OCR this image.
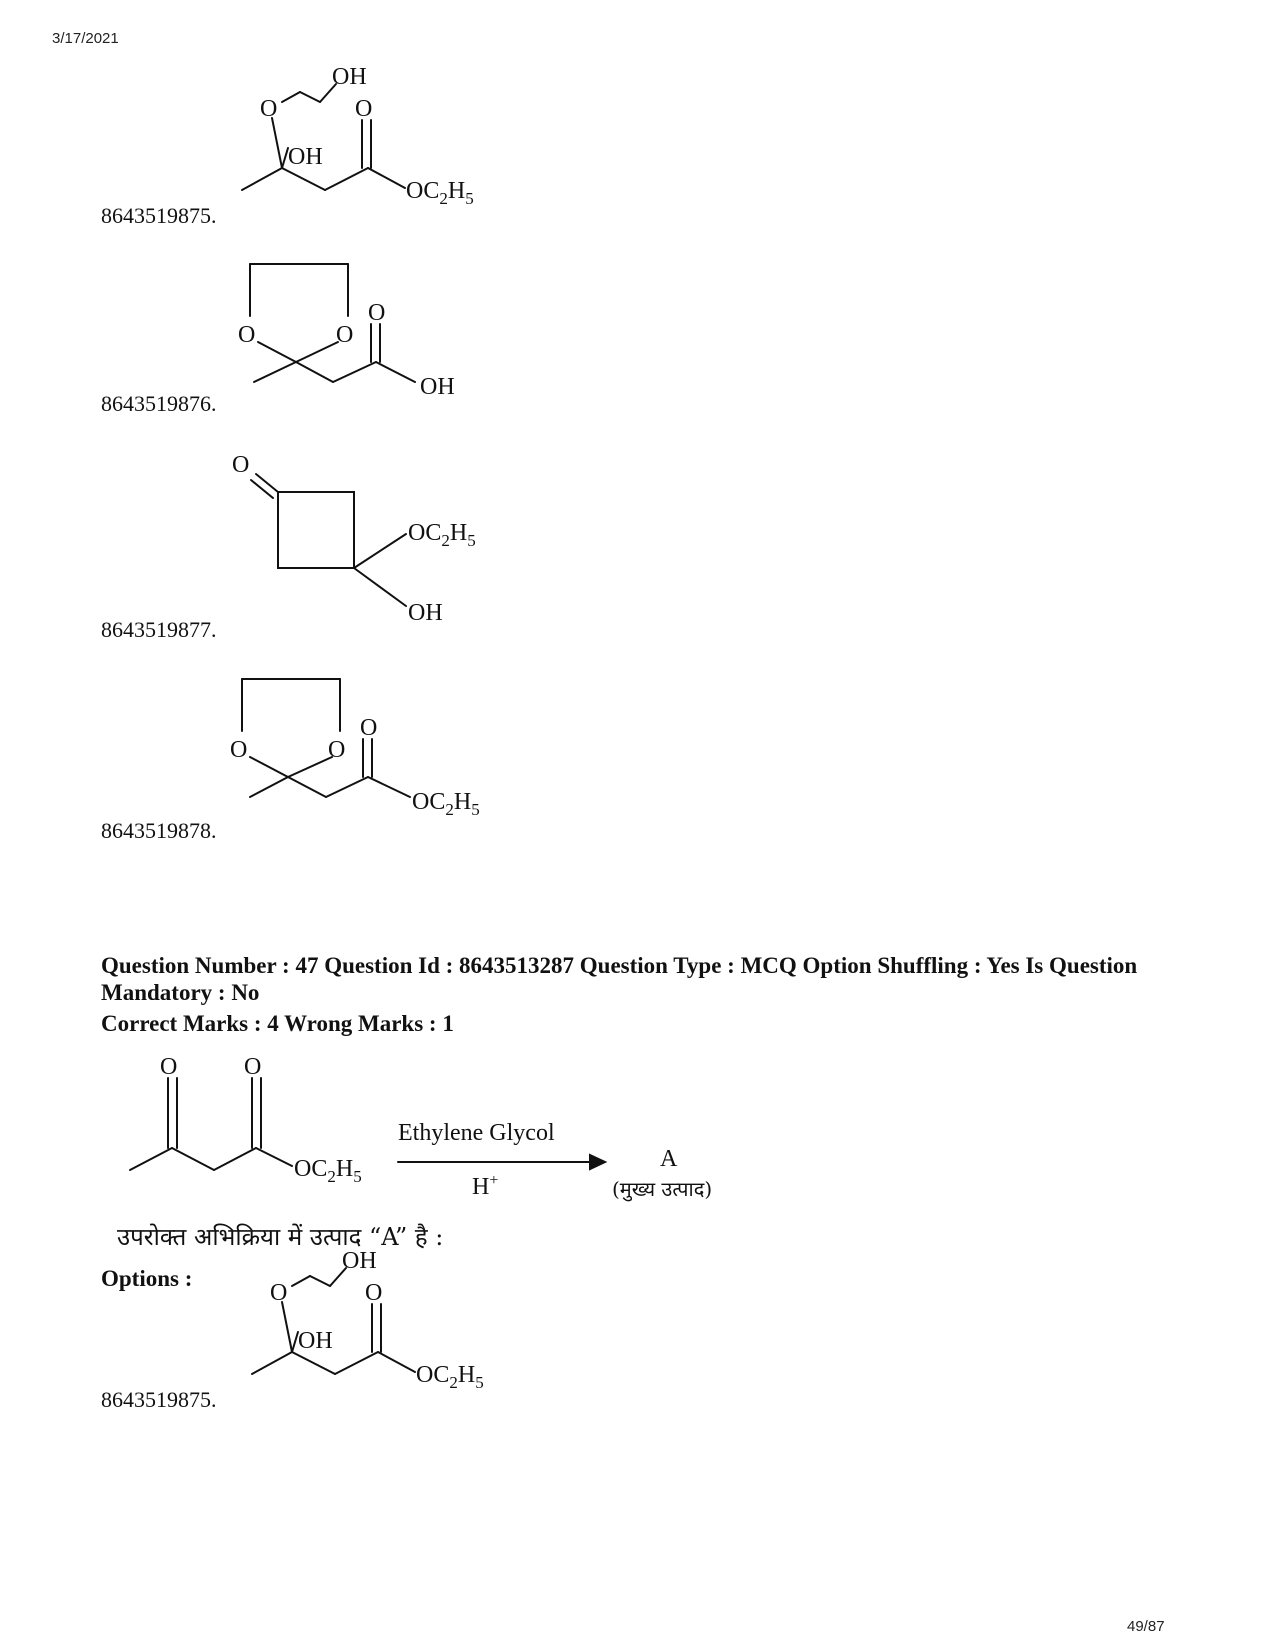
3/17/2021
O
OH
O
OH
$OC_2H_5$
8643519875.
O	O
O
OH
8643519876.
O
$OC_2H_5$
OH
8643519877.
O	O
O
$OC_2H_5$
8643519878.
Question Number : 47 Question Id : 8643513287 Question Type : MCQ Option Shuffling : Yes Is Question Mandatory : No
Correct Marks : 4 Wrong Marks : 1
O	O
$OC_2H_5$
Ethylene Glycol
H+
A
(मुख्य उत्पाद)
उपरोक्त अभिक्रिया में उत्पाद “A” है :
Options :
O
OH
O
OH
$OC_2H_5$
8643519875.
49/87
